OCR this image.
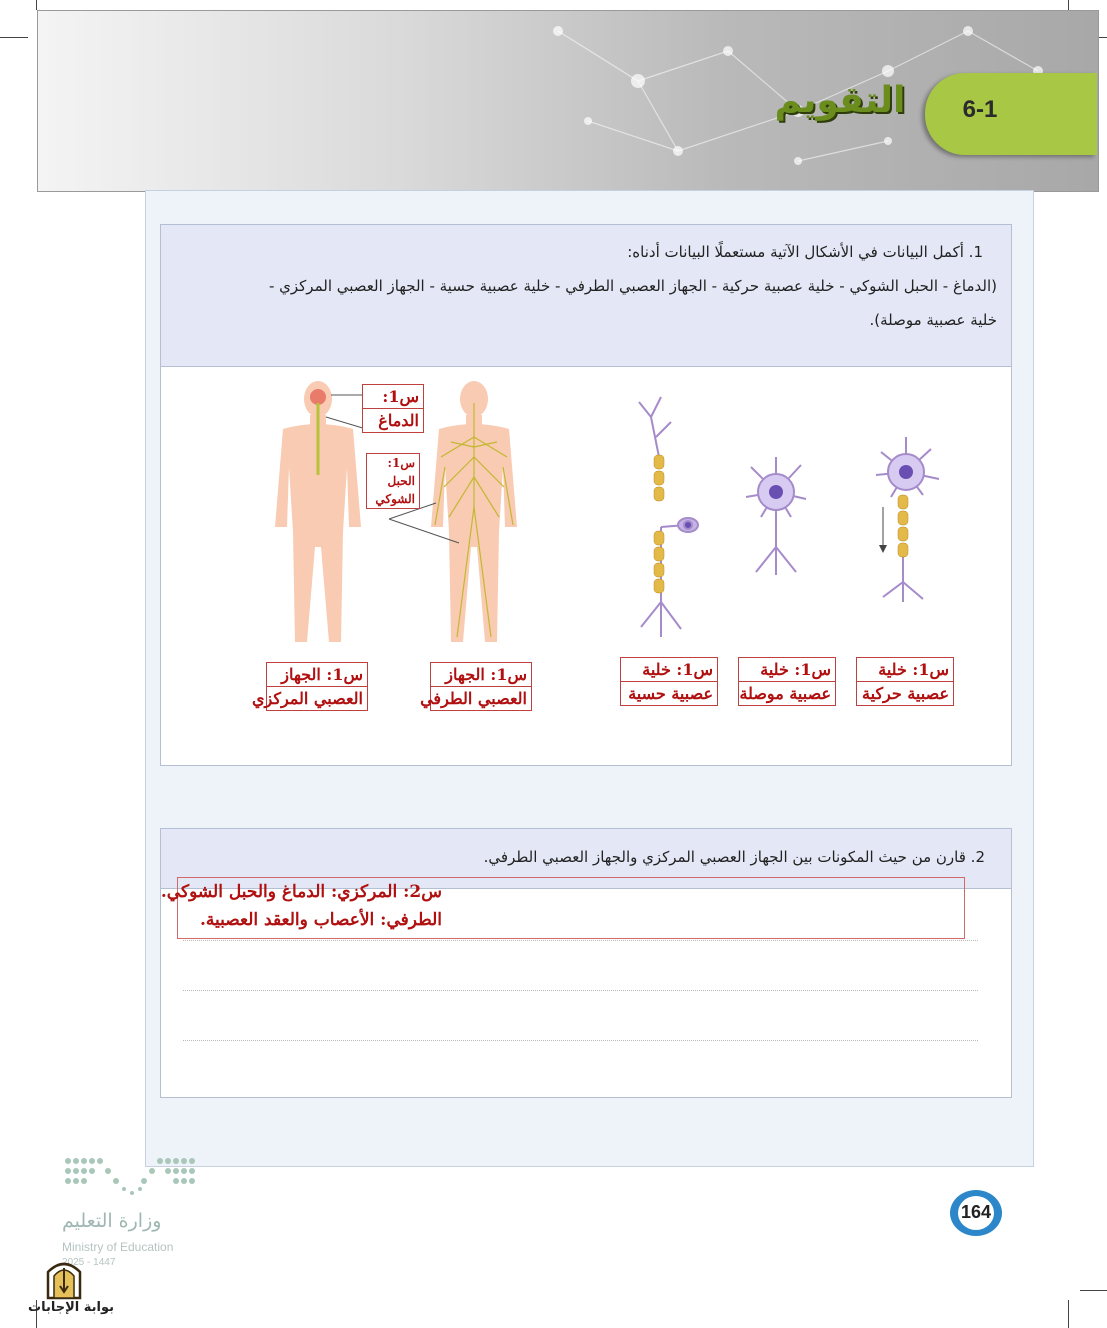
6-1
التقويم
1. أكمل البيانات في الأشكال الآتية مستعملًا البيانات أدناه:
(الدماغ - الحبل الشوكي - خلية عصبية حركية - الجهاز العصبي الطرفي - خلية عصبية حسية - الجهاز العصبي المركزي -
خلية عصبية موصلة).
س1:
الدماغ
س1:
الحبل
الشوكي
س1: الجهاز
العصبي المركزي
س1: الجهاز
العصبي الطرفي
س1: خلية
عصبية حسية
س1: خلية
عصبية موصلة
س1: خلية
عصبية حركية
2. قارن من حيث المكونات بين الجهاز العصبي المركزي والجهاز العصبي الطرفي.
س2: المركزي: الدماغ والحبل الشوكي.
الطرفي: الأعصاب والعقد العصبية.
164
وزارة التعليم
Ministry of Education
2025 - 1447
بوابة الإجابات
